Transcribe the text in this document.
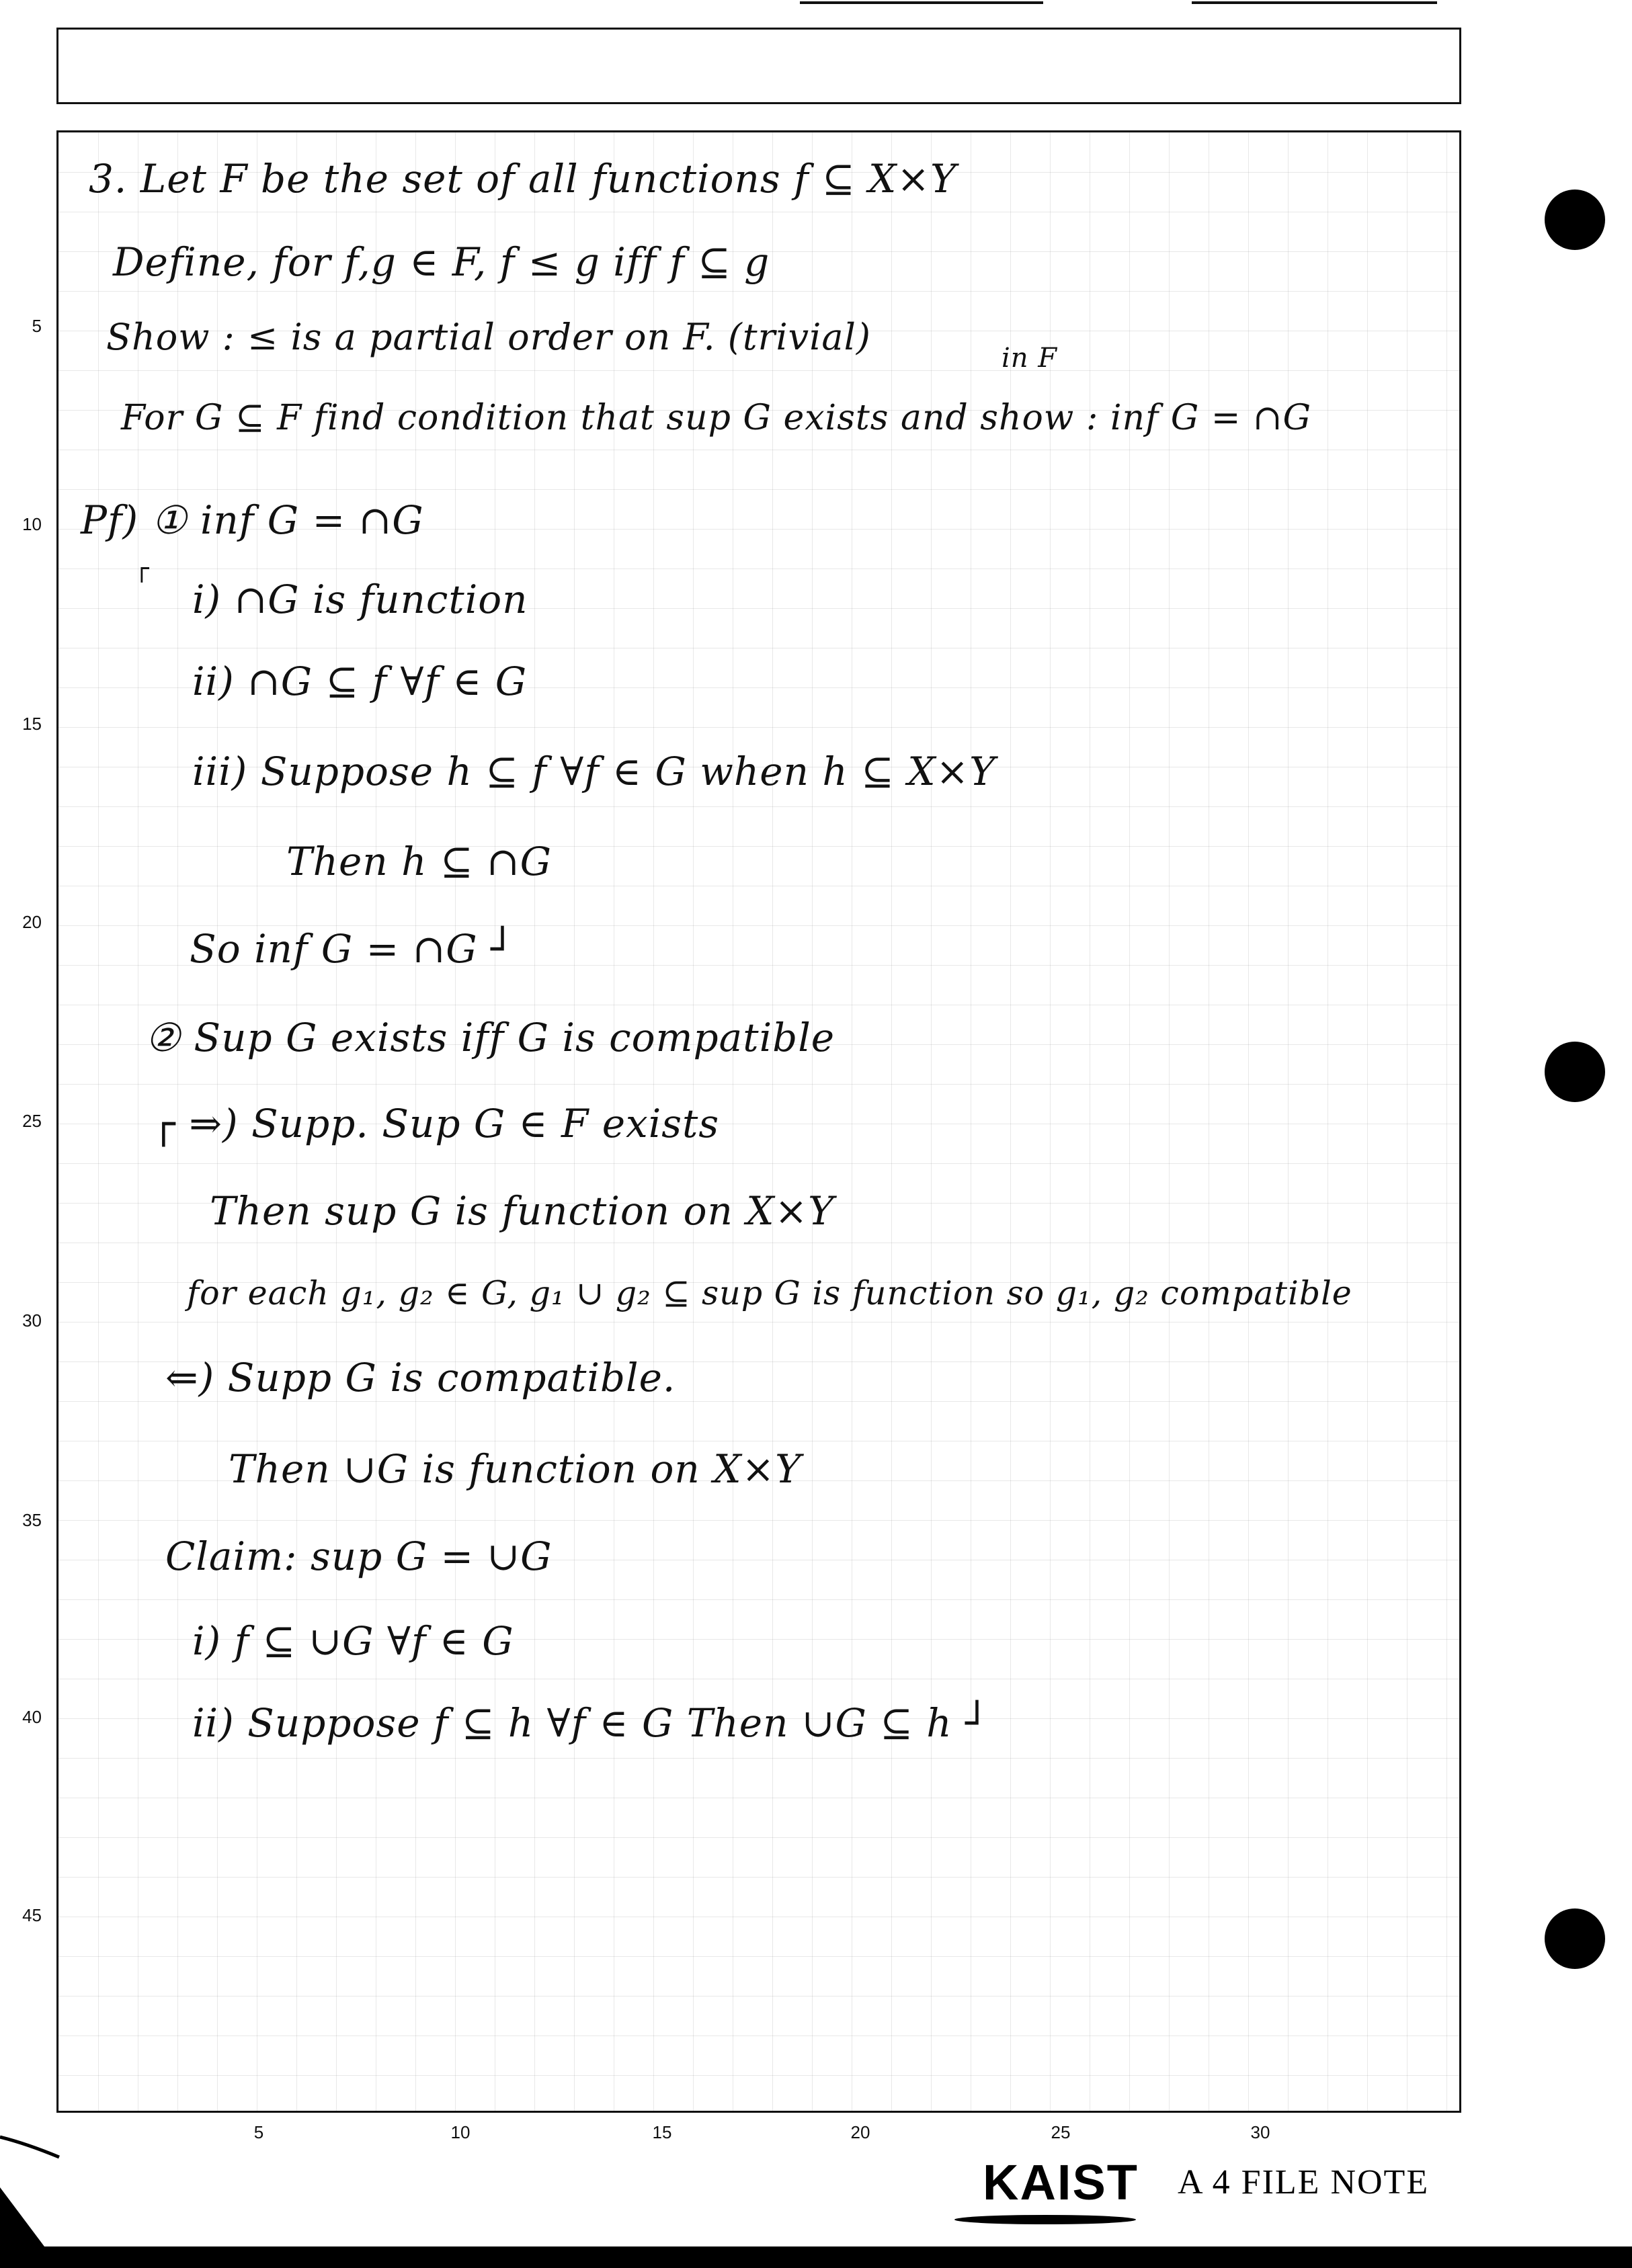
5
10
15
20
25
30
35
40
45
5	10	15	20	25	30
3. Let F be the set of all functions f ⊆ X×Y
Define, for f,g ∈ F, f ≤ g iff f ⊆ g
Show : ≤ is a partial order on F. (trivial)	in F
For G ⊆ F find condition that sup G exists and show : inf G = ∩G
Pf) ① inf G = ∩G
┌
i) ∩G is function
ii) ∩G ⊆ f ∀f ∈ G
iii) Suppose h ⊆ f ∀f ∈ G when h ⊆ X×Y
Then h ⊆ ∩G
So inf G = ∩G ┘
② Sup G exists iff G is compatible
┌ ⇒) Supp. Sup G ∈ F exists
Then sup G is function on X×Y
for each g₁, g₂ ∈ G, g₁ ∪ g₂ ⊆ sup G is function so g₁, g₂ compatible
⇐) Supp G is compatible.
Then ∪G is function on X×Y
Claim: sup G = ∪G
i) f ⊆ ∪G ∀f ∈ G
ii) Suppose f ⊆ h ∀f ∈ G Then ∪G ⊆ h ┘
KAIST A 4 FILE NOTE
